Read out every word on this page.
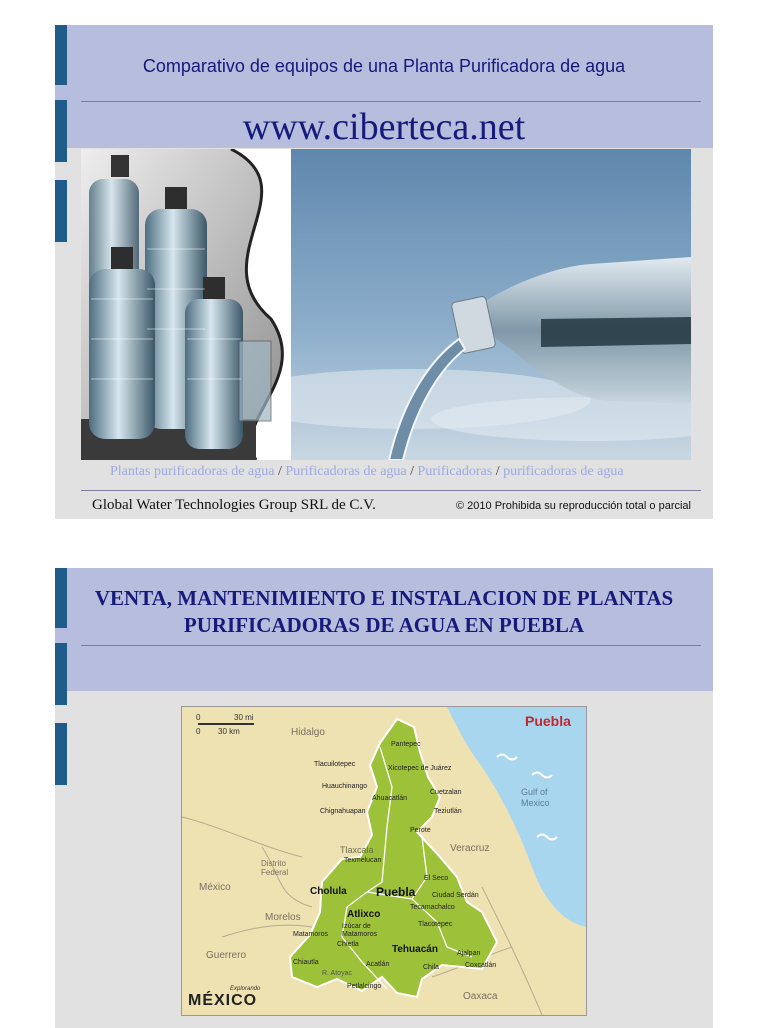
Comparativo de equipos de una Planta Purificadora de agua
www.ciberteca.net
Plantas purificadoras de agua / Purificadoras de agua / Purificadoras / purificadoras de agua
Global Water Technologies Group SRL de C.V.	© 2010 Prohibida su reproducción total o parcial
VENTA, MANTENIMIENTO E INSTALACION DE PLANTAS
PURIFICADORAS DE AGUA EN PUEBLA
0	30 mi
0 30 km
Puebla
Gulf of Mexico
Hidalgo
Veracruz
Tlaxcala
México
Morelos
Guerrero
Oaxaca
Distrito Federal
Pantepec
Tlacuilotepec
Xicotepec de Juárez
Huauchinango
Ahuacatlán
Cuetzalan
Chignahuapan	Teziutlán
Perote
Texmelucan
El Seco
Cholula Puebla Ciudad Serdán
Tecamachalco
Atlixco
Izúcar de Matamoros
Tlacotepec
Matamoros
Chietla	Tehuacán
Chiautla	Acatlán
Ajalpan
Coxcatlán
Chila
R. Atoyac
Petlalcingo
Explorando
MÉXICO
